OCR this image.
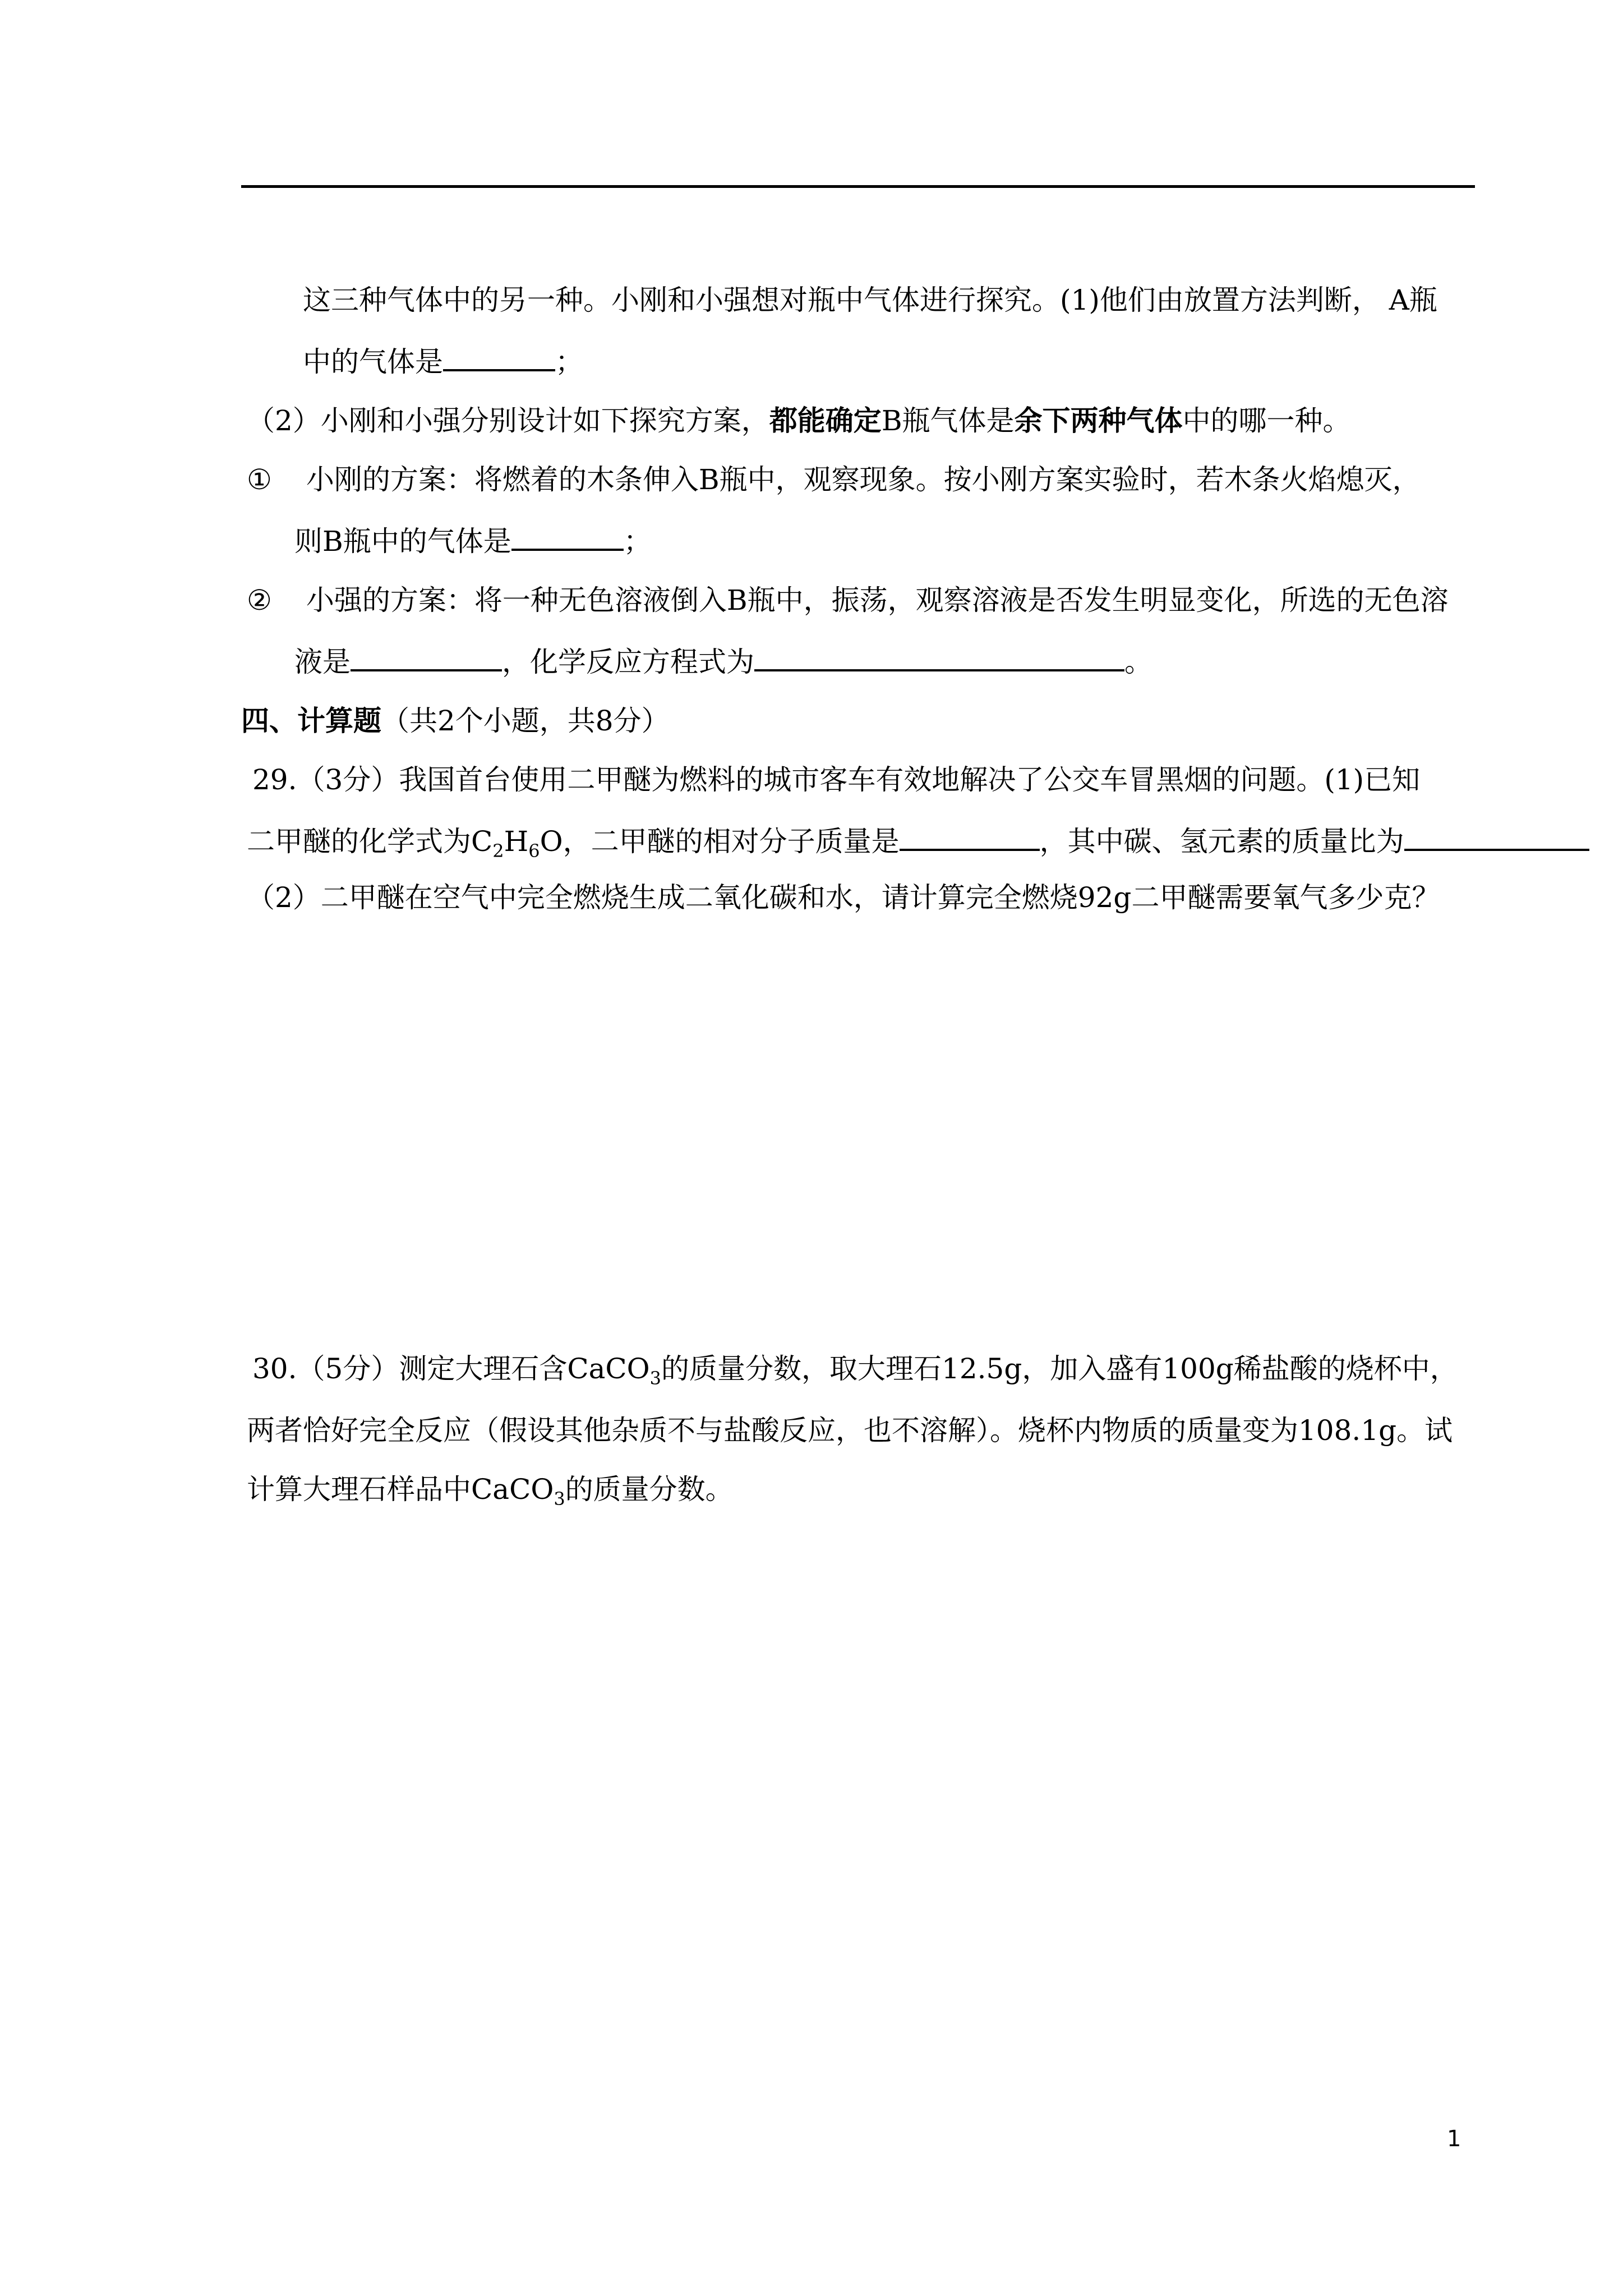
这三种气体中的另一种。小刚和小强想对瓶中气体进行探究。(1)他们由放置方法判断， A瓶
中的气体是	；
（2）小刚和小强分别设计如下探究方案，都能确定B瓶气体是余下两种气体中的哪一种。
① 小刚的方案：将燃着的木条伸入B瓶中，观察现象。按小刚方案实验时，若木条火焰熄灭，
则B瓶中的气体是	；
② 小强的方案：将一种无色溶液倒入B瓶中，振荡，观察溶液是否发生明显变化，所选的无色溶
液是	，化学反应方程式为	。
四、计算题（共2个小题，共8分）
29.（3分）我国首台使用二甲醚为燃料的城市客车有效地解决了公交车冒黑烟的问题。(1)已知
二甲醚的化学式为$C_2H_6O$，二甲醚的相对分子质量是	，其中碳、氢元素的质量比为
（2）二甲醚在空气中完全燃烧生成二氧化碳和水，请计算完全燃烧92g二甲醚需要氧气多少克？
30.（5分）测定大理石含CaCO$_3$的质量分数，取大理石12.5g，加入盛有100g稀盐酸的烧杯中，
两者恰好完全反应（假设其他杂质不与盐酸反应，也不溶解）。烧杯内物质的质量变为108.1g。试
计算大理石样品中CaCO$_3$的质量分数。
1
